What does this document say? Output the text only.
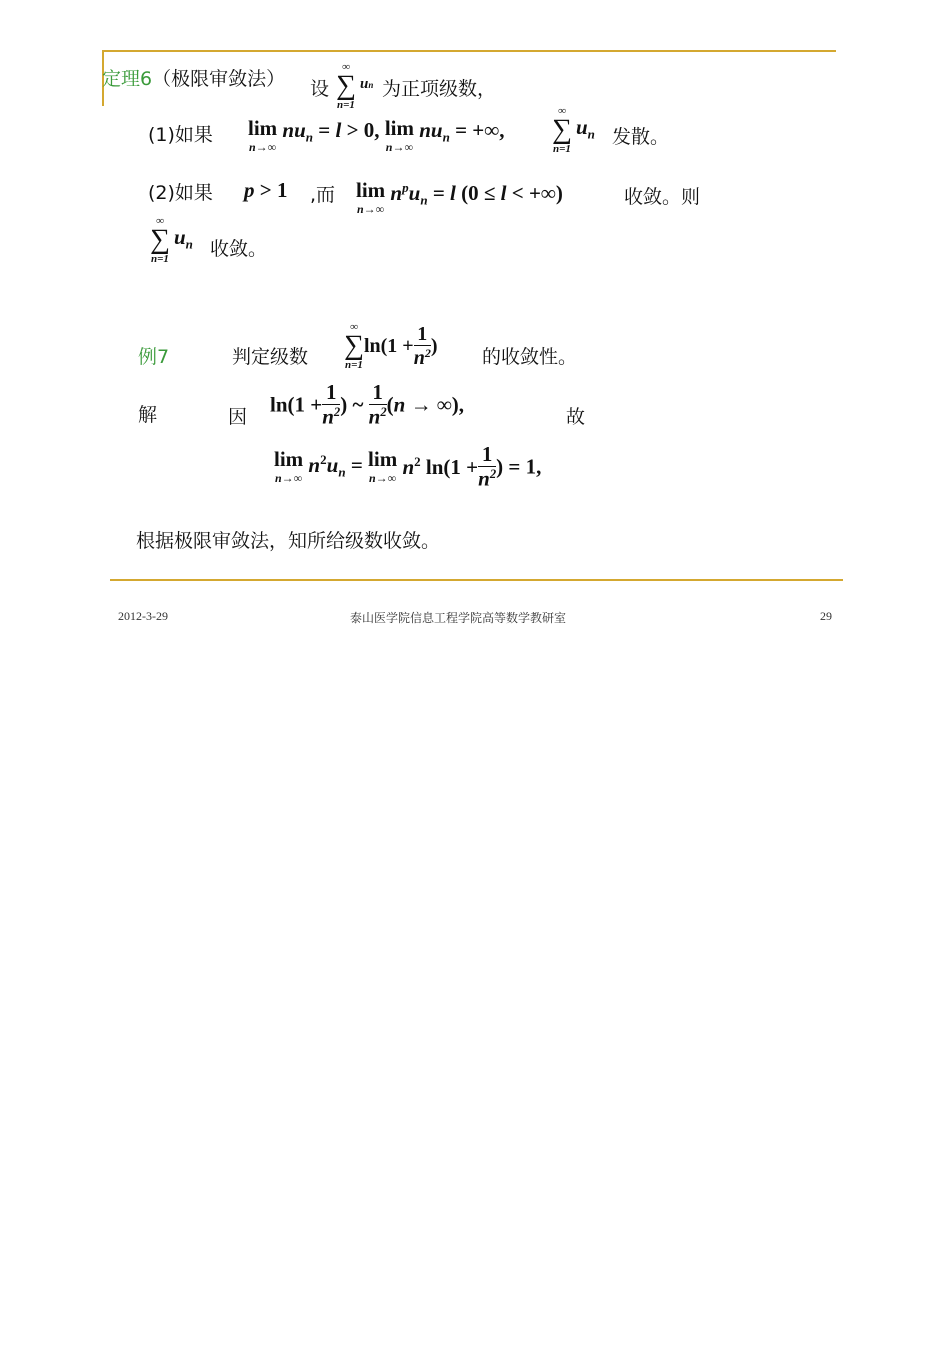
定理6（极限审敛法） 设
∞
∑
n=1
un 为正项级数，
(1)如果 lim
n→∞
$nu_n = l > 0$, lim
n→∞
$nu_n$ = +∞,
∞
∑
n=1
$u_n$ 发散。
(2)如果 p > 1 ,而 lim
n→∞
$n^pu_n = l$ (0 ≤ l < +∞)	收敛。则
∞
∑
n=1
$u_n$ 收敛。
例7	判定级数
∞
∑
n=1
$\ln(1 + \frac{1}{n^2}$ )
的收敛性。
解	因
$\ln(1 + \frac{1}{n^2}$ ) ~ $\frac{1}{n^2} (n$ → ∞),
故
lim
n→∞
$n^2u_n = \lim$
n→∞ $n^2$ $\ln(1 + \frac{1}{n^2}$ ) = 1,
根据极限审敛法，知所给级数收敛。
2012-3-29	泰山医学院信息工程学院高等数学教研室	29
